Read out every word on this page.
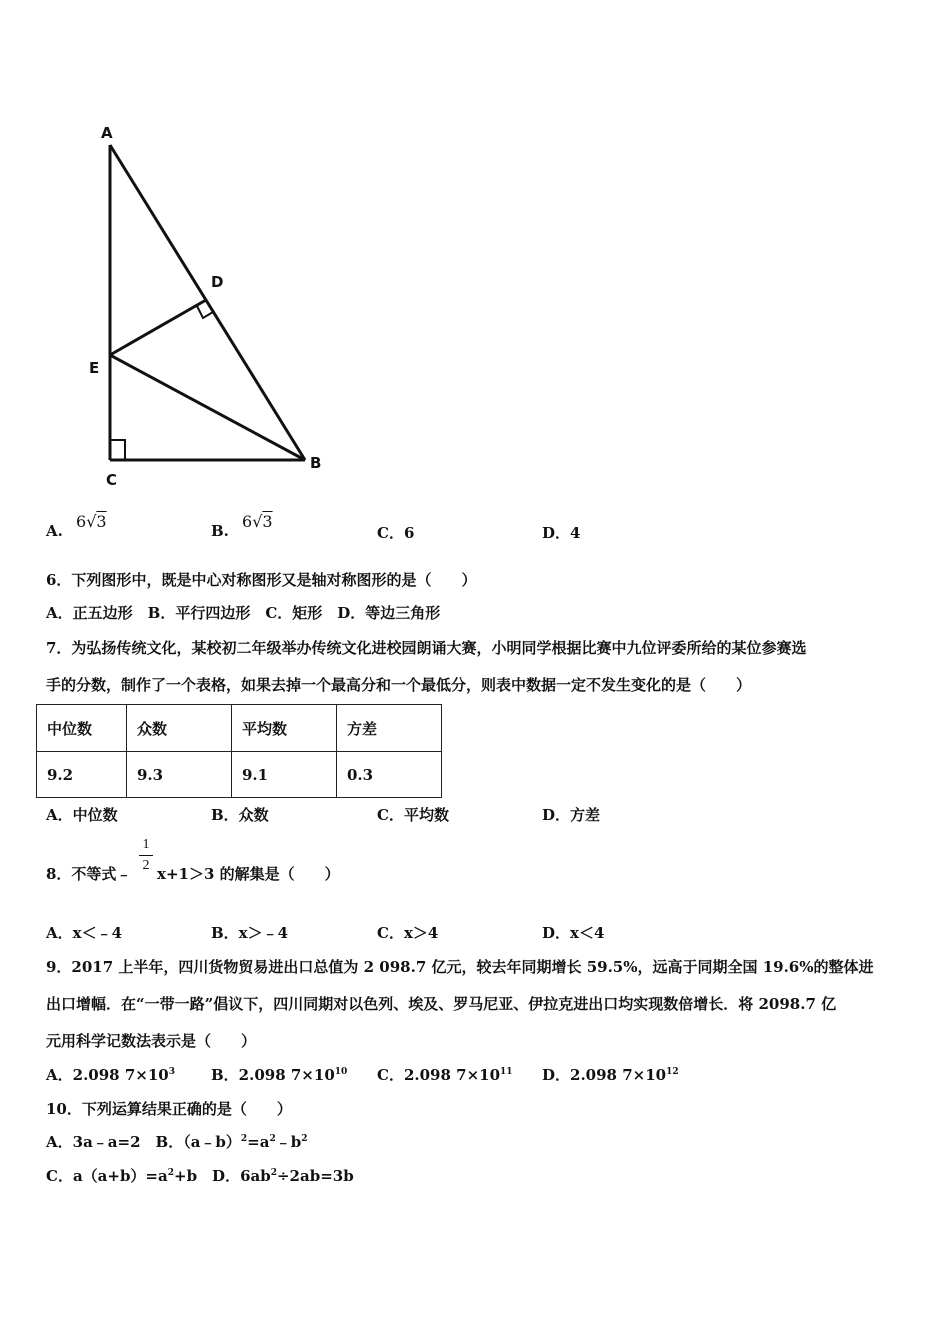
A
D
E
C
B
A. 6√3	B. 6√3
C．6	D．4
6．下列图形中，既是中心对称图形又是轴对称图形的是（　　）
A．正五边形　B．平行四边形　C．矩形　D．等边三角形
7．为弘扬传统文化，某校初二年级举办传统文化进校园朗诵大赛，小明同学根据比赛中九位评委所给的某位参赛选
手的分数，制作了一个表格，如果去掉一个最高分和一个最低分，则表中数据一定不发生变化的是（　　）
中位数	众数	平均数	方差
9.2	9.3	9.1	0.3
A．中位数	B．众数	C．平均数	D．方差
8．不等式﹣
1
2 x+1＞3 的解集是（　　）
A．x＜﹣4	B．x＞﹣4	C．x＞4	D．x＜4
9．2017 上半年，四川货物贸易进出口总值为 2 098.7 亿元，较去年同期增长 59.5%，远高于同期全国 19.6%的整体进
出口增幅．在“一带一路”倡议下，四川同期对以色列、埃及、罗马尼亚、伊拉克进出口均实现数倍增长．将 2098.7 亿
元用科学记数法表示是（　　）
A．2.098 $7\times 10^3$ B．2.098 $7\times 10^{10}$ C．2.098 $7\times 10^{11}$ D．2.098 $7\times 10^{12}$
10．下列运算结果正确的是（　　）
A．3a﹣a=2　B．$(a﹣b)^2=a^2﹣b^2$
C．$a(a+b)=a^2+b$　D．$6ab^2\div 2ab=3b$
